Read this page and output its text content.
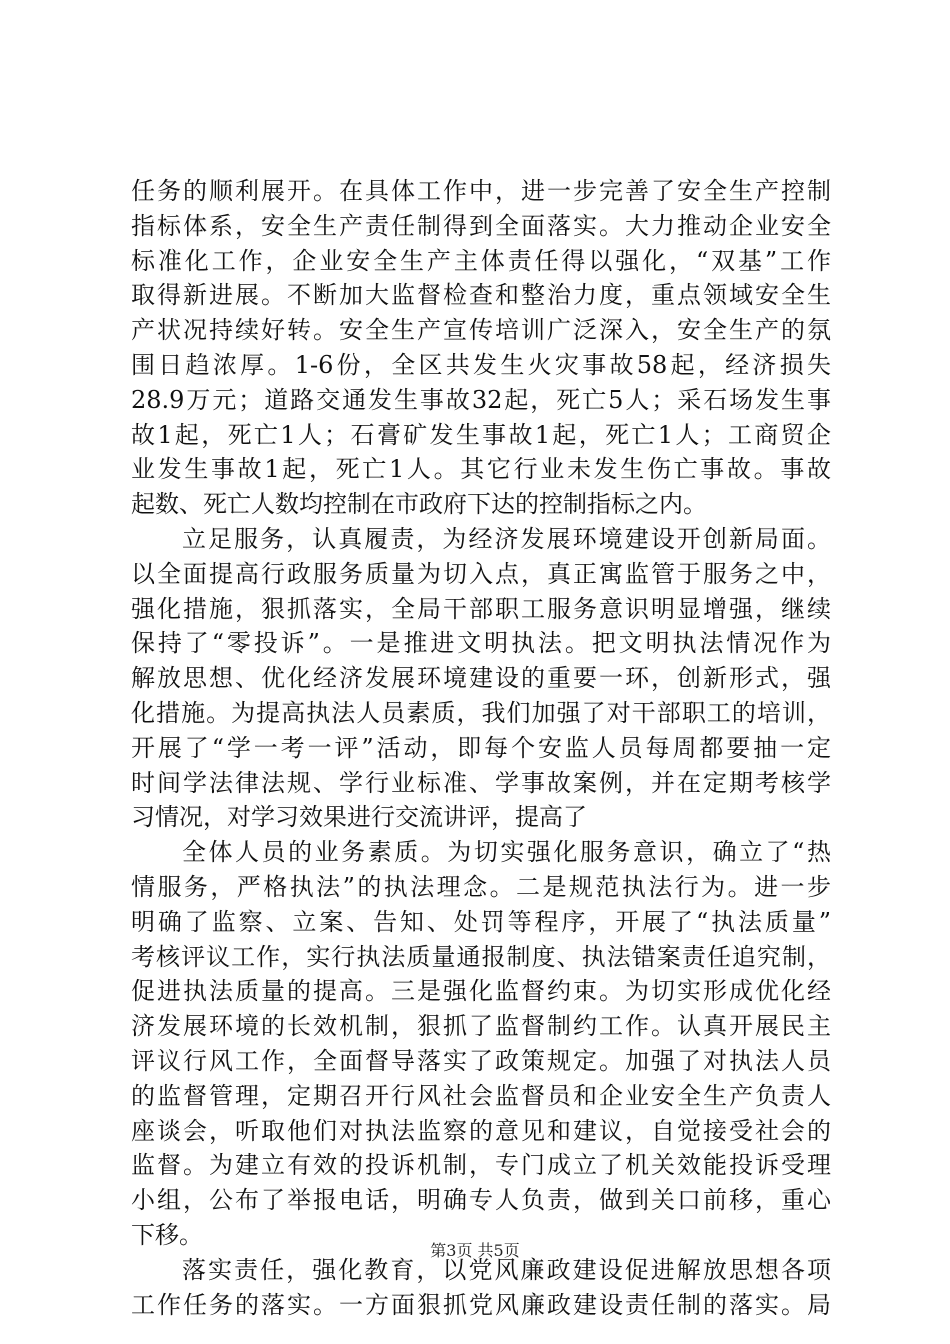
任务的顺利展开。在具体工作中，进一步完善了安全生产控制
指标体系，安全生产责任制得到全面落实。大力推动企业安全
标准化工作，企业安全生产主体责任得以强化，“双基”工作
取得新进展。不断加大监督检查和整治力度，重点领域安全生
产状况持续好转。安全生产宣传培训广泛深入，安全生产的氛
围日趋浓厚。1-6份，全区共发生火灾事故58起，经济损失
28.9万元；道路交通发生事故32起，死亡5人；采石场发生事
故1起，死亡1人；石膏矿发生事故1起，死亡1人；工商贸企
业发生事故1起，死亡1人。其它行业未发生伤亡事故。事故
起数、死亡人数均控制在市政府下达的控制指标之内。
立足服务，认真履责，为经济发展环境建设开创新局面。
以全面提高行政服务质量为切入点，真正寓监管于服务之中，
强化措施，狠抓落实，全局干部职工服务意识明显增强，继续
保持了“零投诉”。一是推进文明执法。把文明执法情况作为
解放思想、优化经济发展环境建设的重要一环，创新形式，强
化措施。为提高执法人员素质，我们加强了对干部职工的培训，
开展了“学一考一评”活动，即每个安监人员每周都要抽一定
时间学法律法规、学行业标准、学事故案例，并在定期考核学
习情况，对学习效果进行交流讲评，提高了
全体人员的业务素质。为切实强化服务意识，确立了“热
情服务，严格执法”的执法理念。二是规范执法行为。进一步
明确了监察、立案、告知、处罚等程序，开展了“执法质量”
考核评议工作，实行执法质量通报制度、执法错案责任追究制，
促进执法质量的提高。三是强化监督约束。为切实形成优化经
济发展环境的长效机制，狠抓了监督制约工作。认真开展民主
评议行风工作，全面督导落实了政策规定。加强了对执法人员
的监督管理，定期召开行风社会监督员和企业安全生产负责人
座谈会，听取他们对执法监察的意见和建议，自觉接受社会的
监督。为建立有效的投诉机制，专门成立了机关效能投诉受理
小组，公布了举报电话，明确专人负责，做到关口前移，重心
下移。
落实责任，强化教育，以党风廉政建设促进解放思想各项
工作任务的落实。一方面狠抓党风廉政建设责任制的落实。局
第3页 共5页
